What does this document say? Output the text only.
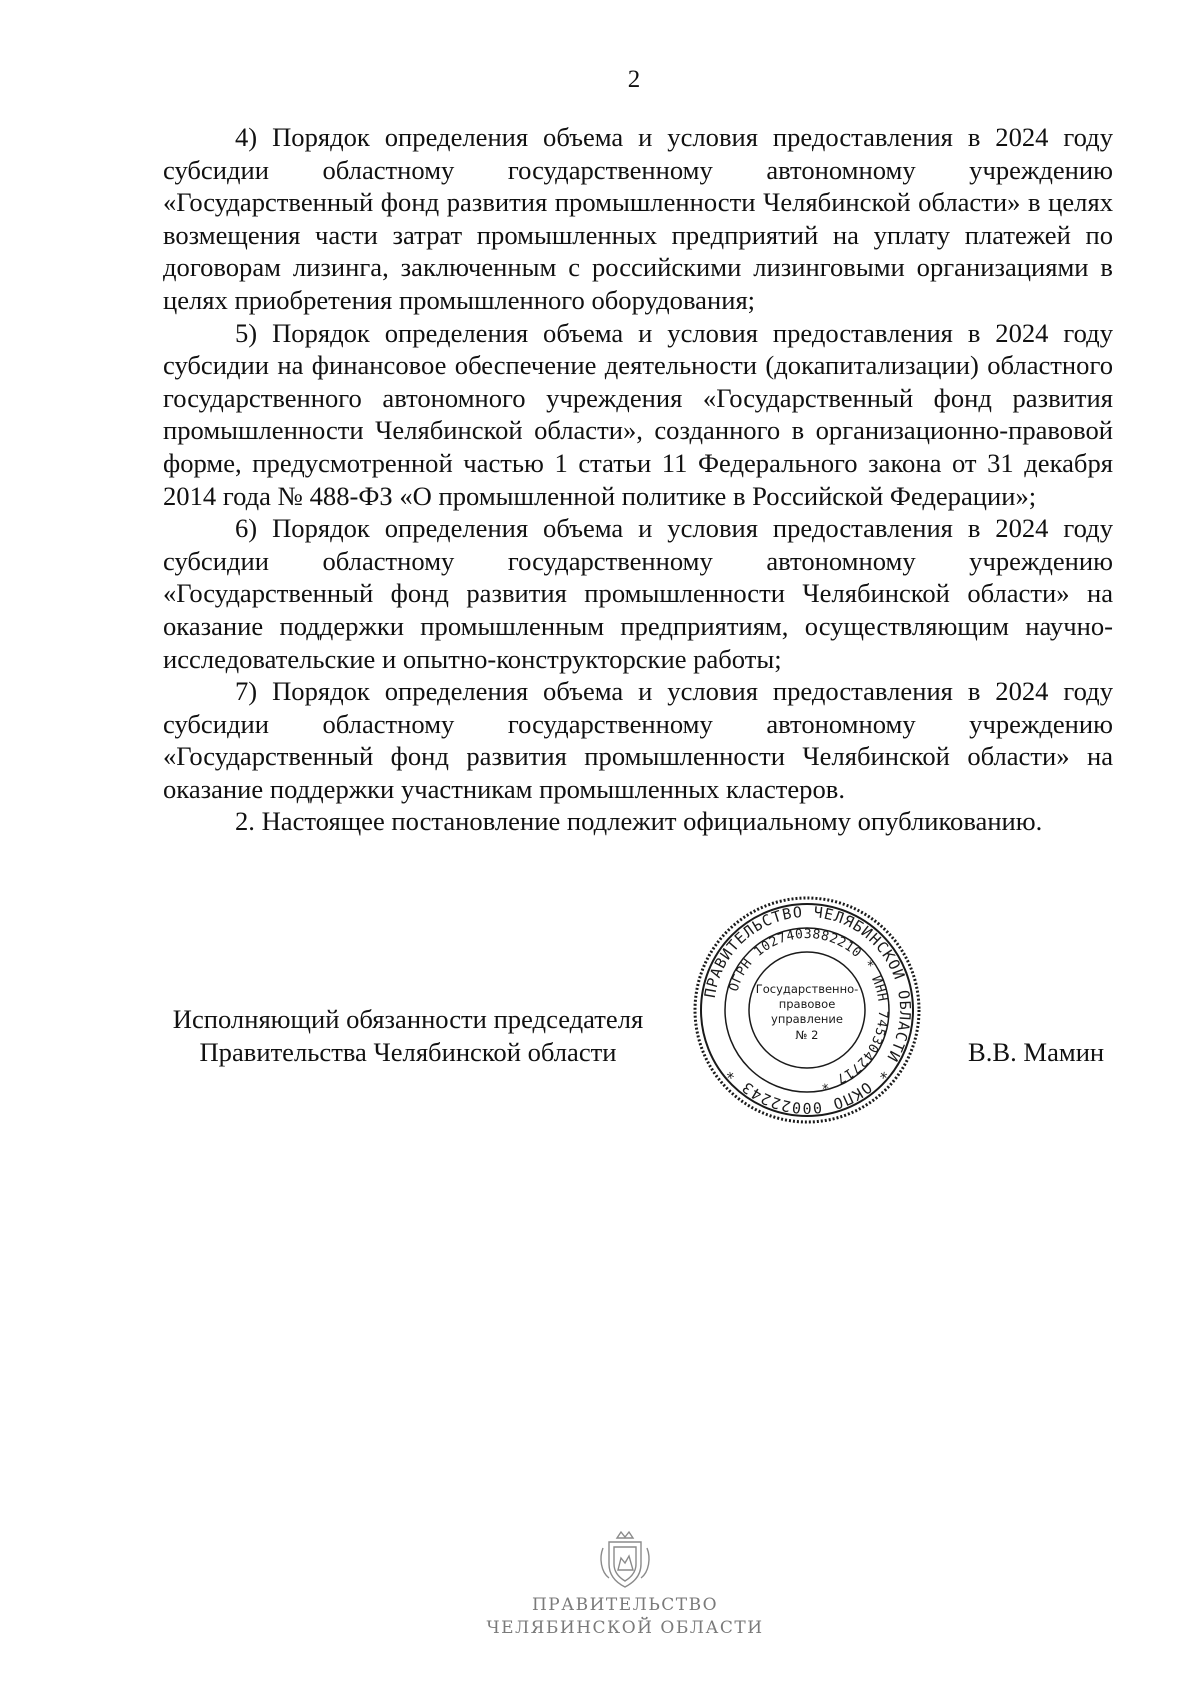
2

4) Порядок определения объема и условия предоставления в 2024 году субсидии областному государственному автономному учреждению «Государственный фонд развития промышленности Челябинской области» в целях возмещения части затрат промышленных предприятий на уплату платежей по договорам лизинга, заключенным с российскими лизинговыми организациями в целях приобретения промышленного оборудования;

5) Порядок определения объема и условия предоставления в 2024 году субсидии на финансовое обеспечение деятельности (докапитализации) областного государственного автономного учреждения «Государственный фонд развития промышленности Челябинской области», созданного в организационно-правовой форме, предусмотренной частью 1 статьи 11 Федерального закона от 31 декабря 2014 года № 488-ФЗ «О промышленной политике в Российской Федерации»;

6) Порядок определения объема и условия предоставления в 2024 году субсидии областному государственному автономному учреждению «Государственный фонд развития промышленности Челябинской области» на оказание поддержки промышленным предприятиям, осуществляющим научно-исследовательские и опытно-конструкторские работы;

7) Порядок определения объема и условия предоставления в 2024 году субсидии областному государственному автономному учреждению «Государственный фонд развития промышленности Челябинской области» на оказание поддержки участникам промышленных кластеров.

2. Настоящее постановление подлежит официальному опубликованию.

Исполняющий обязанности председателя
Правительства Челябинской области
ПРАВИТЕЛЬСТВО ЧЕЛЯБИНСКОЙ ОБЛАСТИ * ОКПО 00022243 *
ОГРН 1027403882210 * ИНН 7453042717 *
Государственно-
правовое
управление
№ 2
В.В. Мамин
ПРАВИТЕЛЬСТВО
ЧЕЛЯБИНСКОЙ ОБЛАСТИ
